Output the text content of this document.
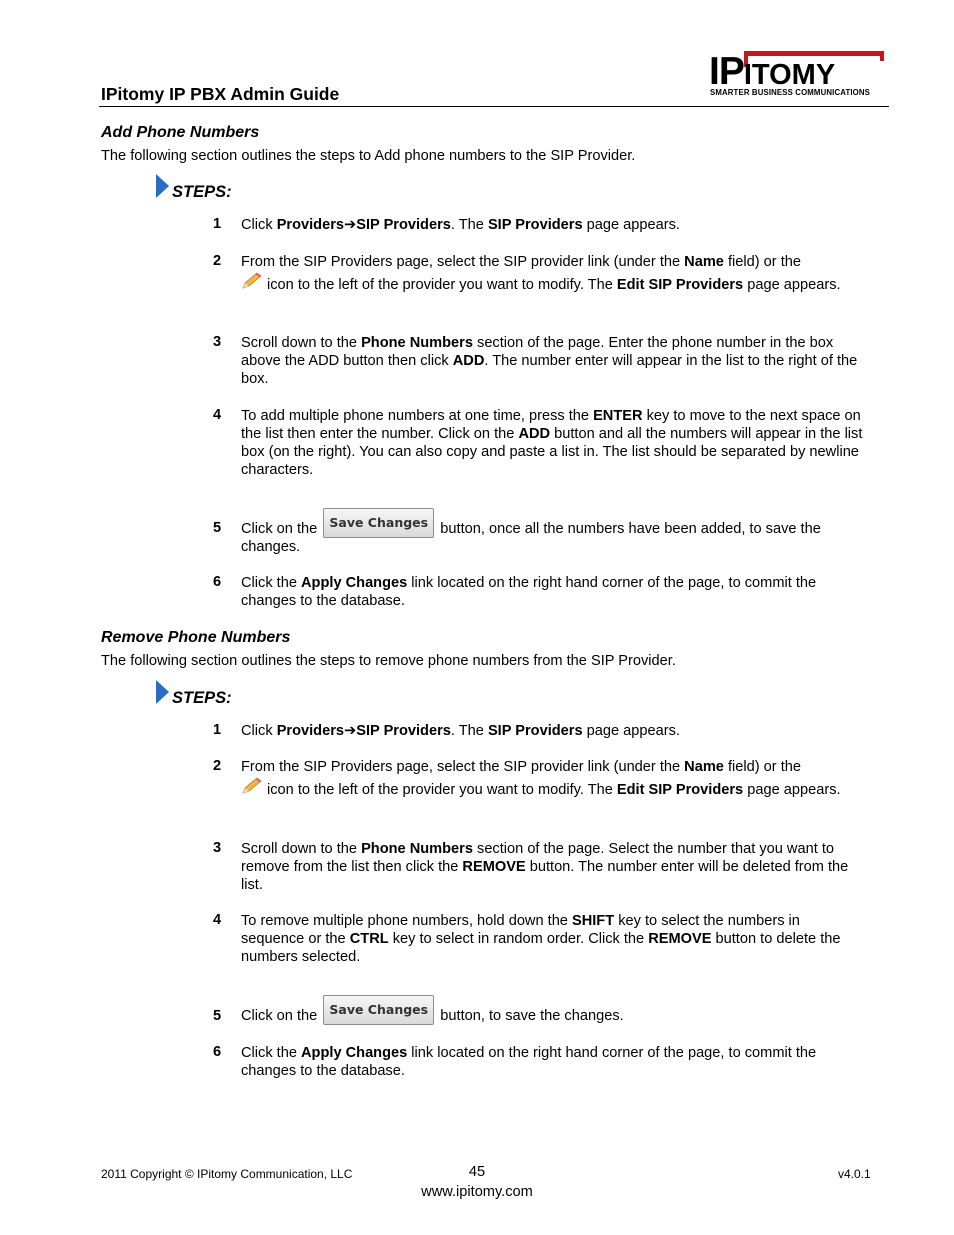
IPitomy IP PBX Admin Guide
IPITOMY
SMARTER BUSINESS COMMUNICATIONS
Add Phone Numbers
The following section outlines the steps to Add phone numbers to the SIP Provider.
STEPS:
1 Click Providers➔SIP Providers. The SIP Providers page appears.
2 From the SIP Providers page, select the SIP provider link (under the Name field) or the
icon to the left of the provider you want to modify. The Edit SIP Providers page appears.
3 Scroll down to the Phone Numbers section of the page. Enter the phone number in the box above the ADD button then click ADD. The number enter will appear in the list to the right of the box.
4 To add multiple phone numbers at one time, press the ENTER key to move to the next space on the list then enter the number. Click on the ADD button and all the numbers will appear in the list box (on the right). You can also copy and paste a list in. The list should be separated by newline characters.
5 Click on the Save Changes button, once all the numbers have been added, to save the changes.
6 Click the Apply Changes link located on the right hand corner of the page, to commit the changes to the database.
Remove Phone Numbers
The following section outlines the steps to remove phone numbers from the SIP Provider.
STEPS:
1 Click Providers➔SIP Providers. The SIP Providers page appears.
2 From the SIP Providers page, select the SIP provider link (under the Name field) or the
icon to the left of the provider you want to modify. The Edit SIP Providers page appears.
3 Scroll down to the Phone Numbers section of the page. Select the number that you want to remove from the list then click the REMOVE button. The number enter will be deleted from the list.
4 To remove multiple phone numbers, hold down the SHIFT key to select the numbers in sequence or the CTRL key to select in random order. Click the REMOVE button to delete the numbers selected.
5 Click on the Save Changes button, to save the changes.
6 Click the Apply Changes link located on the right hand corner of the page, to commit the changes to the database.
2011 Copyright © IPitomy Communication, LLC	45
www.ipitomy.com
v4.0.1
